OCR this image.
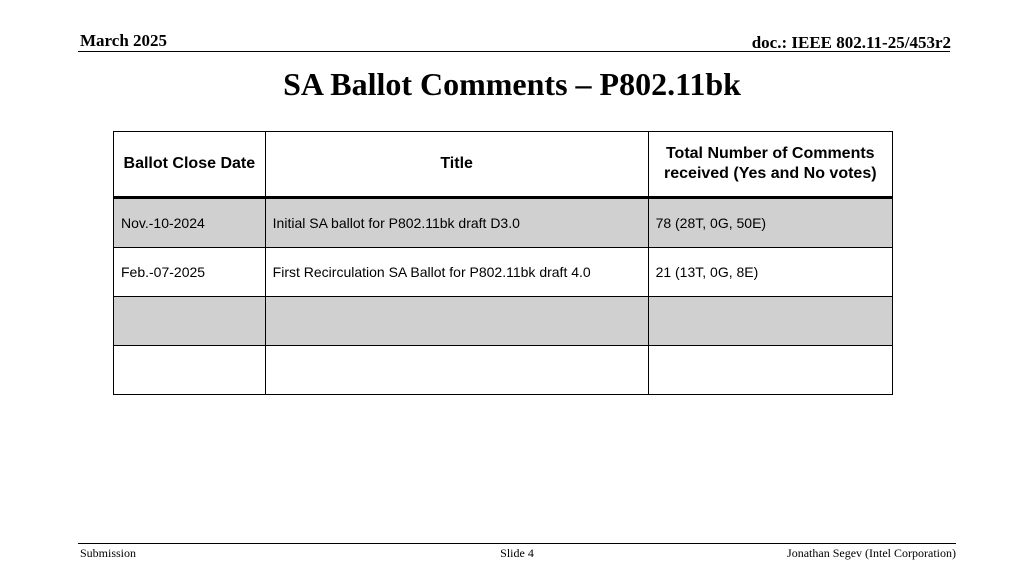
March 2025	doc.: IEEE 802.11-25/453r2
SA Ballot Comments – P802.11bk
Ballot Close Date	Title	Total Number of Comments received (Yes and No votes)
Nov.-10-2024	Initial SA ballot for P802.11bk draft D3.0	78 (28T, 0G, 50E)
Feb.-07-2025	First Recirculation SA Ballot for P802.11bk draft 4.0	21 (13T, 0G, 8E)

Submission	Slide 4	Jonathan Segev (Intel Corporation)
